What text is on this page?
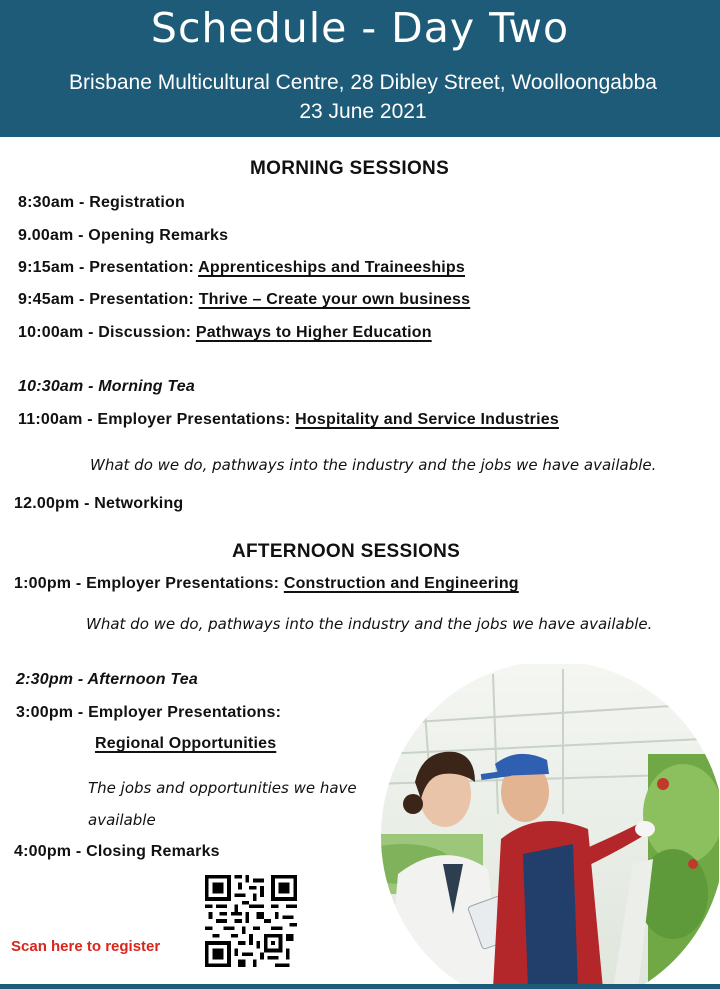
Schedule - Day Two
Brisbane Multicultural Centre, 28 Dibley Street, Woolloongabba
23 June 2021
MORNING SESSIONS
8:30am - Registration
9.00am - Opening Remarks
9:15am - Presentation: Apprenticeships and Traineeships
9:45am - Presentation: Thrive – Create your own business
10:00am - Discussion: Pathways to Higher Education
10:30am - Morning Tea
11:00am - Employer Presentations: Hospitality and Service Industries
What do we do, pathways into the industry and the jobs we have available.
12.00pm - Networking
AFTERNOON SESSIONS
1:00pm - Employer Presentations: Construction and Engineering
What do we do, pathways into the industry and the jobs we have available.
2:30pm - Afternoon Tea
3:00pm - Employer Presentations:
Regional Opportunities
The jobs and opportunities we have
available
4:00pm - Closing Remarks
Scan here to register
